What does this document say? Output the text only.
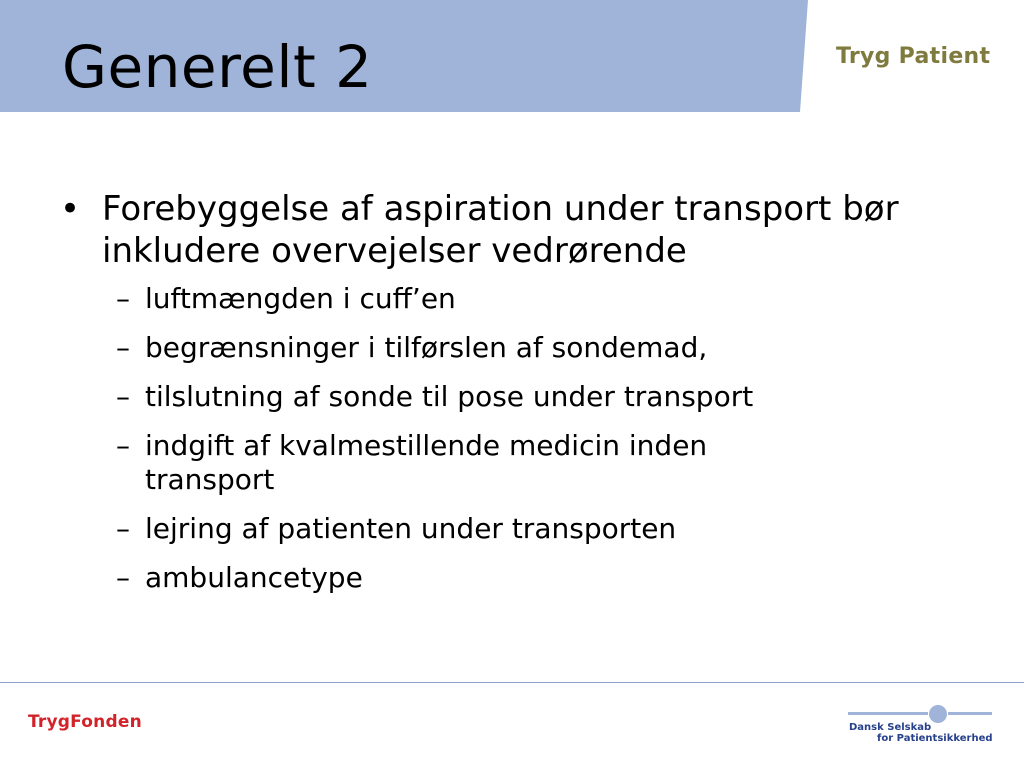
Generelt 2	Tryg Patient
• Forebyggelse af aspiration under transport bør inkludere overvejelser vedrørende
– luftmængden i cuff’en
– begrænsninger i tilførslen af sondemad,
– tilslutning af sonde til pose under transport
– indgift af kvalmestillende medicin inden transport
– lejring af patienten under transporten
– ambulancetype
TrygFonden	Dansk Selskab
for Patientsikkerhed
